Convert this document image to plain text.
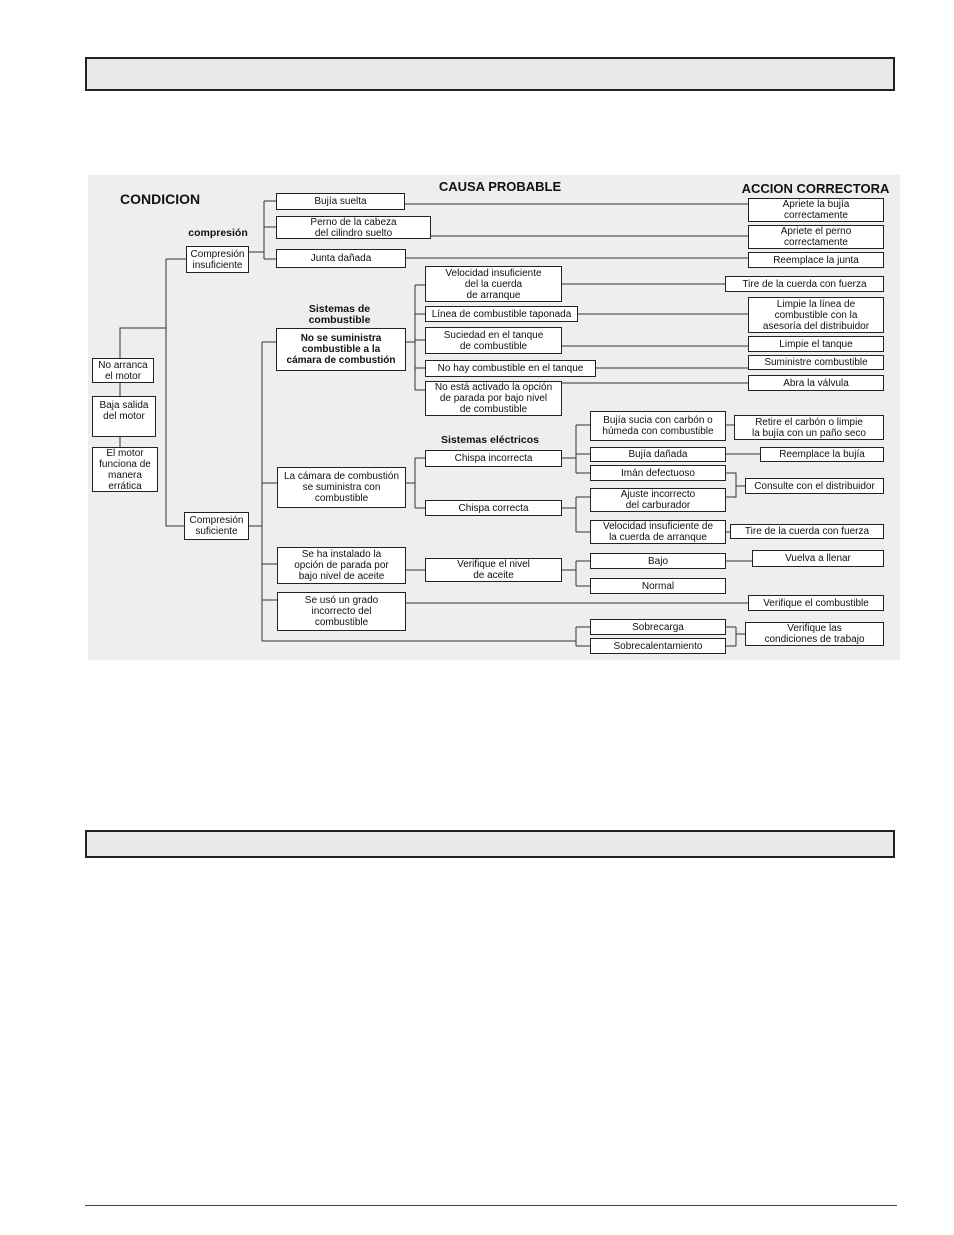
CONDICION
CAUSA PROBABLE	ACCION CORRECTORA
compresión
Sistemas de
combustible
Sistemas eléctricos
No arranca
el motor
Baja salida
del motor
El motor
funciona de
manera
errática
Compresión
insuficiente
Compresión
suficiente
Bujía suelta
Perno de la cabeza
del cilindro suelto
Junta dañada
No se suministra
combustible a la
cámara de combustión
La cámara de combustión
se suministra con
combustible
Se ha instalado la
opción de parada por
bajo nivel de aceite
Se usó un grado
incorrecto del
combustible
Velocidad insuficiente
del la cuerda
de arranque
Línea de combustible taponada
Suciedad en el tanque
de combustible
No hay combustible en el tanque
No está activado la opción
de parada por bajo nivel
de combustible
Chispa incorrecta
Chispa correcta
Bujía sucia con carbón o
húmeda con combustible
Bujía dañada
Imán defectuoso
Ajuste incorrecto
del carburador
Velocidad insuficiente de
la cuerda de arranque
Verifique el nivel
de aceite
Bajo
Normal
Sobrecarga
Sobrecalentamiento
Apriete la bujía
correctamente
Apriete el perno
correctamente
Reemplace la junta
Tire de la cuerda con fuerza
Limpie la línea de
combustible con la
asesoría del distribuidor
Limpie el tanque
Suministre combustible
Abra la válvula
Retire el carbón o limpie
la bujía con un paño seco
Reemplace la bujía
Consulte con el distribuidor
Tire de la cuerda con fuerza
Vuelva a llenar
Verifique el combustible
Verifique las
condiciones de trabajo
